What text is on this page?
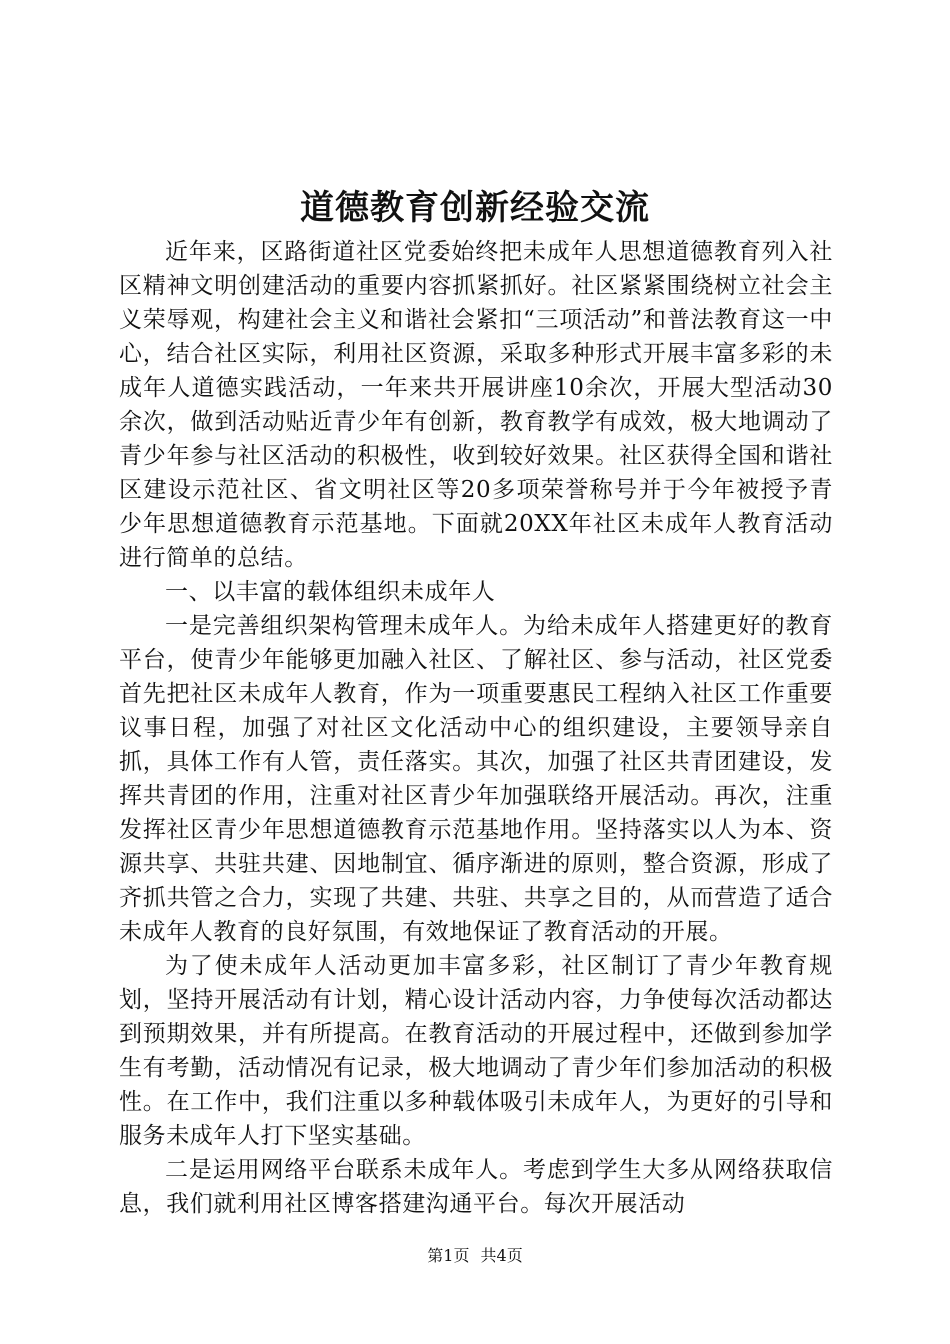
道德教育创新经验交流

近年来，区路街道社区党委始终把未成年人思想道德教育列入社区精神文明创建活动的重要内容抓紧抓好。社区紧紧围绕树立社会主义荣辱观，构建社会主义和谐社会紧扣“三项活动”和普法教育这一中心，结合社区实际，利用社区资源，采取多种形式开展丰富多彩的未成年人道德实践活动，一年来共开展讲座10余次，开展大型活动30余次，做到活动贴近青少年有创新，教育教学有成效，极大地调动了青少年参与社区活动的积极性，收到较好效果。社区获得全国和谐社区建设示范社区、省文明社区等20多项荣誉称号并于今年被授予青少年思想道德教育示范基地。下面就20XX年社区未成年人教育活动进行简单的总结。

一、以丰富的载体组织未成年人

一是完善组织架构管理未成年人。为给未成年人搭建更好的教育平台，使青少年能够更加融入社区、了解社区、参与活动，社区党委首先把社区未成年人教育，作为一项重要惠民工程纳入社区工作重要议事日程，加强了对社区文化活动中心的组织建设，主要领导亲自抓，具体工作有人管，责任落实。其次，加强了社区共青团建设，发挥共青团的作用，注重对社区青少年加强联络开展活动。再次，注重发挥社区青少年思想道德教育示范基地作用。坚持落实以人为本、资源共享、共驻共建、因地制宜、循序渐进的原则，整合资源，形成了齐抓共管之合力，实现了共建、共驻、共享之目的，从而营造了适合未成年人教育的良好氛围，有效地保证了教育活动的开展。

为了使未成年人活动更加丰富多彩，社区制订了青少年教育规划，坚持开展活动有计划，精心设计活动内容，力争使每次活动都达到预期效果，并有所提高。在教育活动的开展过程中，还做到参加学生有考勤，活动情况有记录，极大地调动了青少年们参加活动的积极性。在工作中，我们注重以多种载体吸引未成年人，为更好的引导和服务未成年人打下坚实基础。

二是运用网络平台联系未成年人。考虑到学生大多从网络获取信息，我们就利用社区博客搭建沟通平台。每次开展活动

第1页 共4页
